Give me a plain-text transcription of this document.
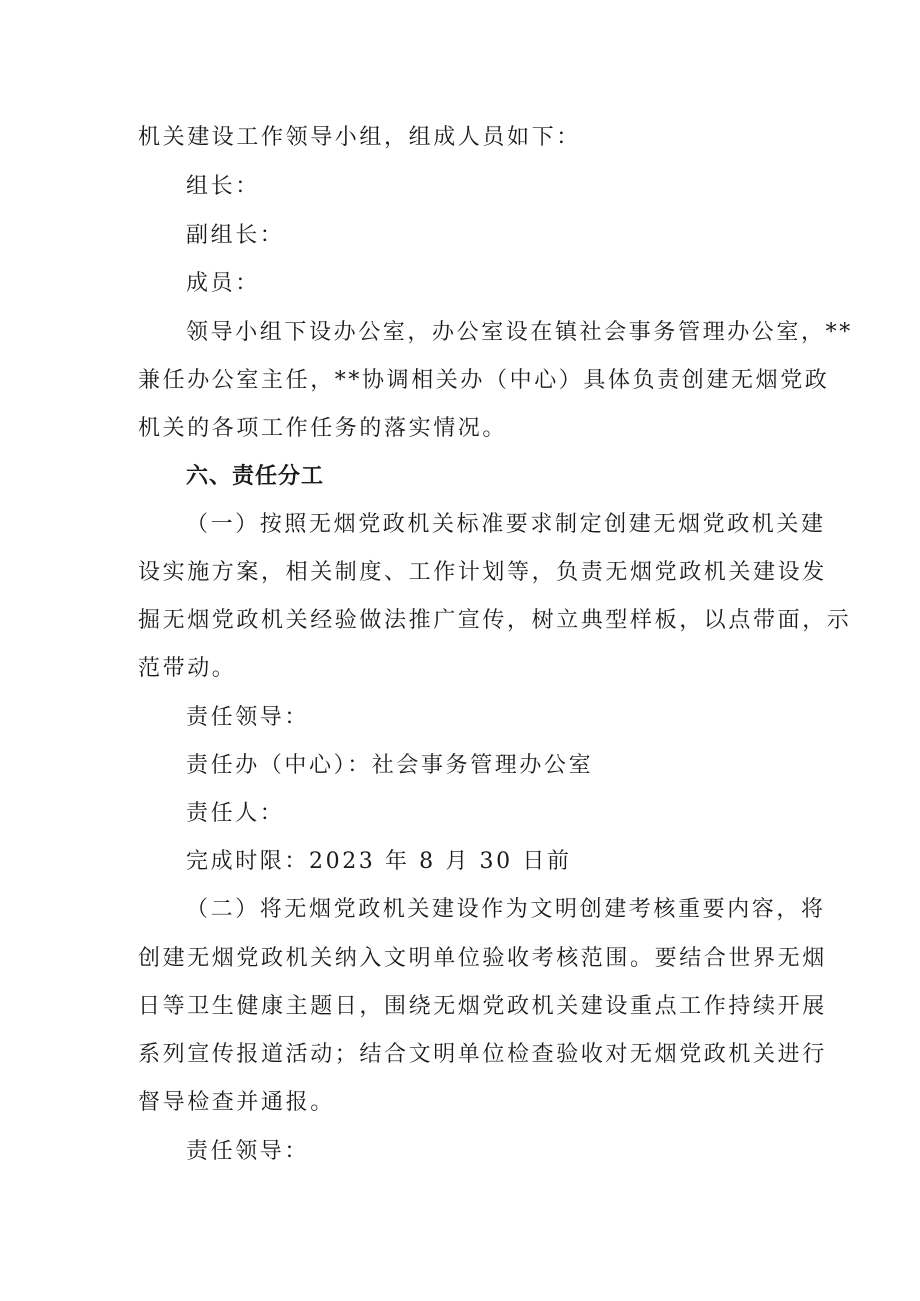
机关建设工作领导小组，组成人员如下：
组长：
副组长：
成员：
领导小组下设办公室，办公室设在镇社会事务管理办公室，**
兼任办公室主任，**协调相关办（中心）具体负责创建无烟党政
机关的各项工作任务的落实情况。
六、责任分工
（一）按照无烟党政机关标准要求制定创建无烟党政机关建
设实施方案，相关制度、工作计划等，负责无烟党政机关建设发
掘无烟党政机关经验做法推广宣传，树立典型样板，以点带面，示
范带动。
责任领导：
责任办（中心）：社会事务管理办公室
责任人：
完成时限：2023 年 8 月 30 日前
（二）将无烟党政机关建设作为文明创建考核重要内容，将
创建无烟党政机关纳入文明单位验收考核范围。要结合世界无烟
日等卫生健康主题日，围绕无烟党政机关建设重点工作持续开展
系列宣传报道活动；结合文明单位检查验收对无烟党政机关进行
督导检查并通报。
责任领导：
